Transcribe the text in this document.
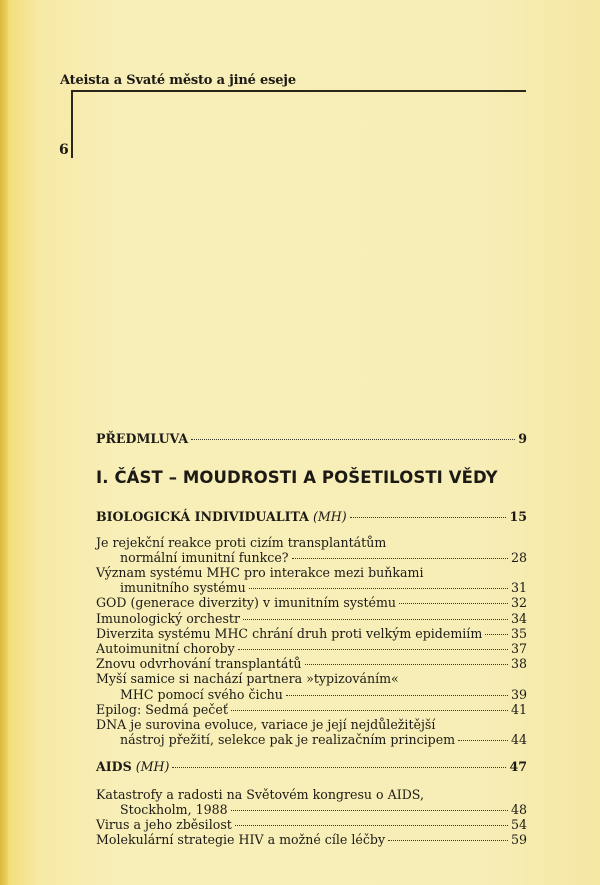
Ateista a Svaté město a jiné eseje
6
PŘEDMLUVA	9
I. ČÁST – MOUDROSTI A POŠETILOSTI VĚDY
BIOLOGICKÁ INDIVIDUALITA (MH)	15
Je rejekční reakce proti cizím transplantátům
normální imunitní funkce?	28
Význam systému MHC pro interakce mezi buňkami
imunitního systému	31
GOD (generace diverzity) v imunitním systému	32
Imunologický orchestr	34
Diverzita systému MHC chrání druh proti velkým epidemiím 35
Autoimunitní choroby	37
Znovu odvrhování transplantátů	38
Myší samice si nachází partnera »typizováním«
MHC pomocí svého čichu	39
Epilog: Sedmá pečeť	41
DNA je surovina evoluce, variace je její nejdůležitější
nástroj přežití, selekce pak je realizačním principem	44
AIDS (MH)	47
Katastrofy a radosti na Světovém kongresu o AIDS,
Stockholm, 1988	48
Virus a jeho zběsilost	54
Molekulární strategie HIV a možné cíle léčby	59
